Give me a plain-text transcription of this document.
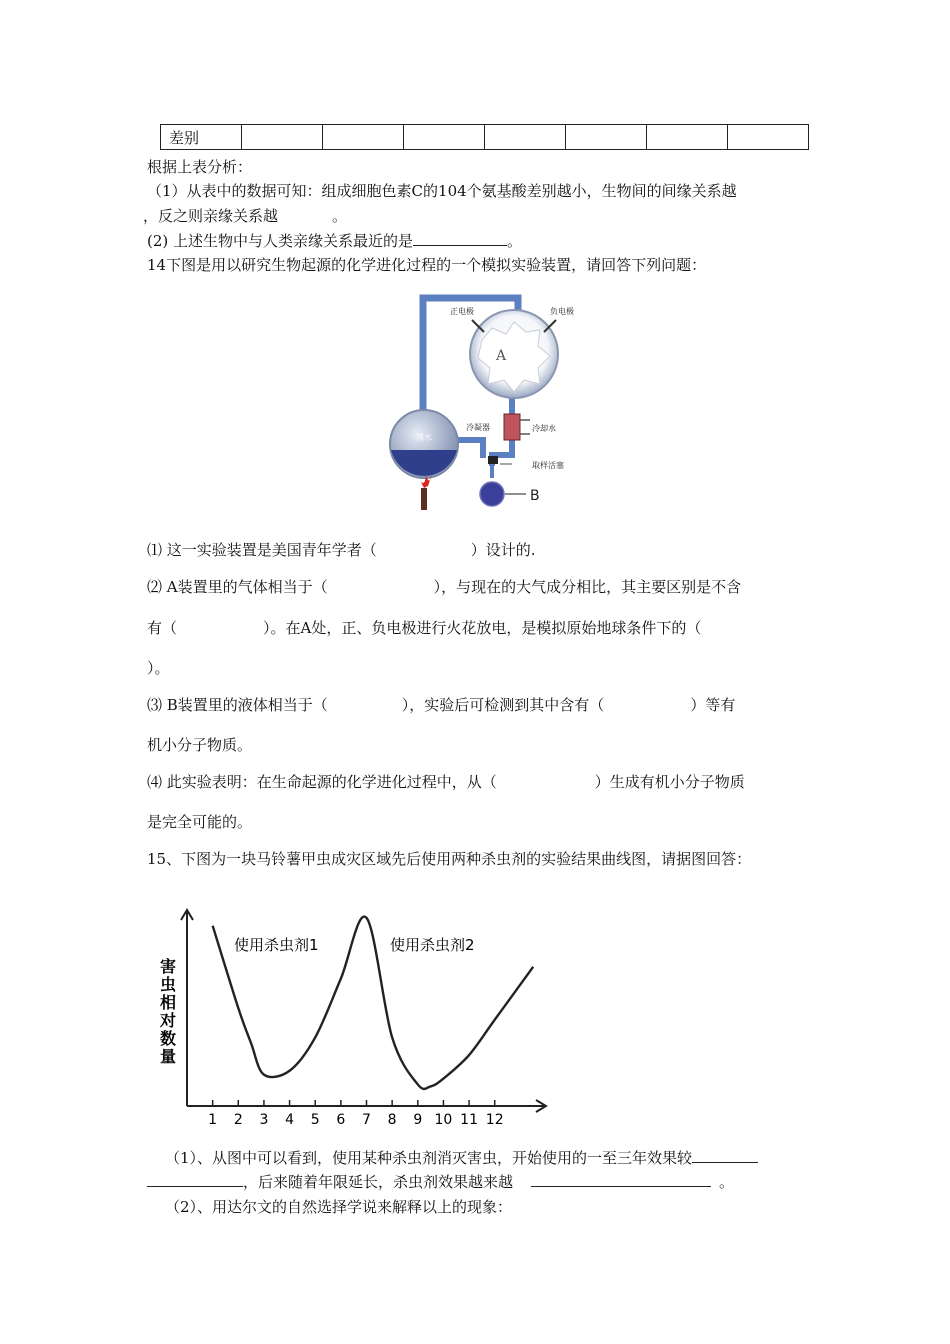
差别							
根据上表分析：
（1）从表中的数据可知：组成细胞色素C的104个氨基酸差别越小，生物间的间缘关系越
，反之则亲缘关系越	。
(2) 上述生物中与人类亲缘关系最近的是	。
14下图是用以研究生物起源的化学进化过程的一个模拟实验装置，请回答下列问题：
正电极	负电极
A
沸水
冷凝器	冷却水
取样活塞
B
⑴ 这一实验装置是美国青年学者（	）设计的.
⑵ A装置里的气体相当于（	），与现在的大气成分相比，其主要区别是不含
有（	）。在A处，正、负电极进行火花放电，是模拟原始地球条件下的（
）。
⑶ B装置里的液体相当于（	），实验后可检测到其中含有（	）等有
机小分子物质。
⑷ 此实验表明：在生命起源的化学进化过程中，从（	）生成有机小分子物质
是完全可能的。
15、下图为一块马铃薯甲虫成灾区域先后使用两种杀虫剂的实验结果曲线图，请据图回答：
害
虫
相
对
数
量
1 2 3 4 5 6 7 8 9 10 11 12
使用杀虫剂1	使用杀虫剂2
（1）、从图中可以看到，使用某种杀虫剂消灭害虫，开始使用的一至三年效果较
，后来随着年限延长，杀虫剂效果越来越	。
（2）、用达尔文的自然选择学说来解释以上的现象：
